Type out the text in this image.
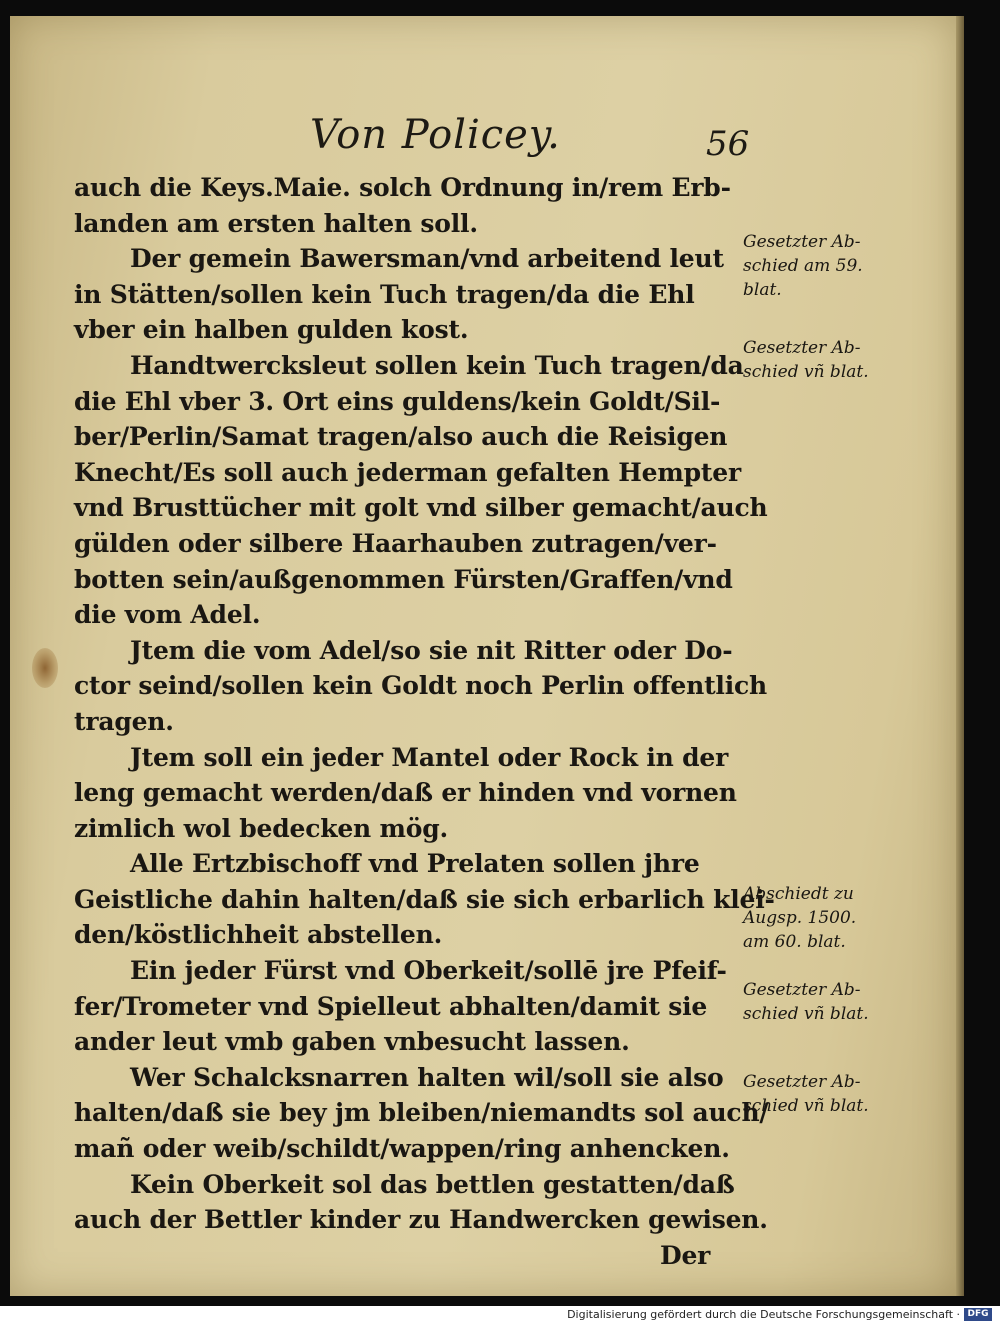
Von Policey.	56
auch die Keys.Maie. solch Ordnung in/rem Erb-
landen am ersten halten soll.
Der gemein Bawersman/vnd arbeitend leut
in Stätten/sollen kein Tuch tragen/da die Ehl
vber ein halben gulden kost.
Handtwercksleut sollen kein Tuch tragen/da
die Ehl vber 3. Ort eins guldens/kein Goldt/Sil-
ber/Perlin/Samat tragen/also auch die Reisigen
Knecht/Es soll auch jederman gefalten Hempter
vnd Brusttücher mit golt vnd silber gemacht/auch
gülden oder silbere Haarhauben zutragen/ver-
botten sein/außgenommen Fürsten/Graffen/vnd
die vom Adel.
Jtem die vom Adel/so sie nit Ritter oder Do-
ctor seind/sollen kein Goldt noch Perlin offentlich
tragen.
Jtem soll ein jeder Mantel oder Rock in der
leng gemacht werden/daß er hinden vnd vornen
zimlich wol bedecken mög.
Alle Ertzbischoff vnd Prelaten sollen jhre
Geistliche dahin halten/daß sie sich erbarlich klei-
den/köstlichheit abstellen.
Ein jeder Fürst vnd Oberkeit/sollē jre Pfeif-
fer/Trometer vnd Spielleut abhalten/damit sie
ander leut vmb gaben vnbesucht lassen.
Wer Schalcksnarren halten wil/soll sie also
halten/daß sie bey jm bleiben/niemandts sol auch/
mañ oder weib/schildt/wappen/ring anhencken.
Kein Oberkeit sol das bettlen gestatten/daß
auch der Bettler kinder zu Handwercken gewisen.
Der
Gesetzter Ab-
schied am 59.
blat.
Gesetzter Ab-
schied vñ blat.
Abschiedt zu
Augsp. 1500.
am 60. blat.
Gesetzter Ab-
schied vñ blat.
Gesetzter Ab-
schied vñ blat.
Digitalisierung gefördert durch die Deutsche Forschungsgemeinschaft · DFG
